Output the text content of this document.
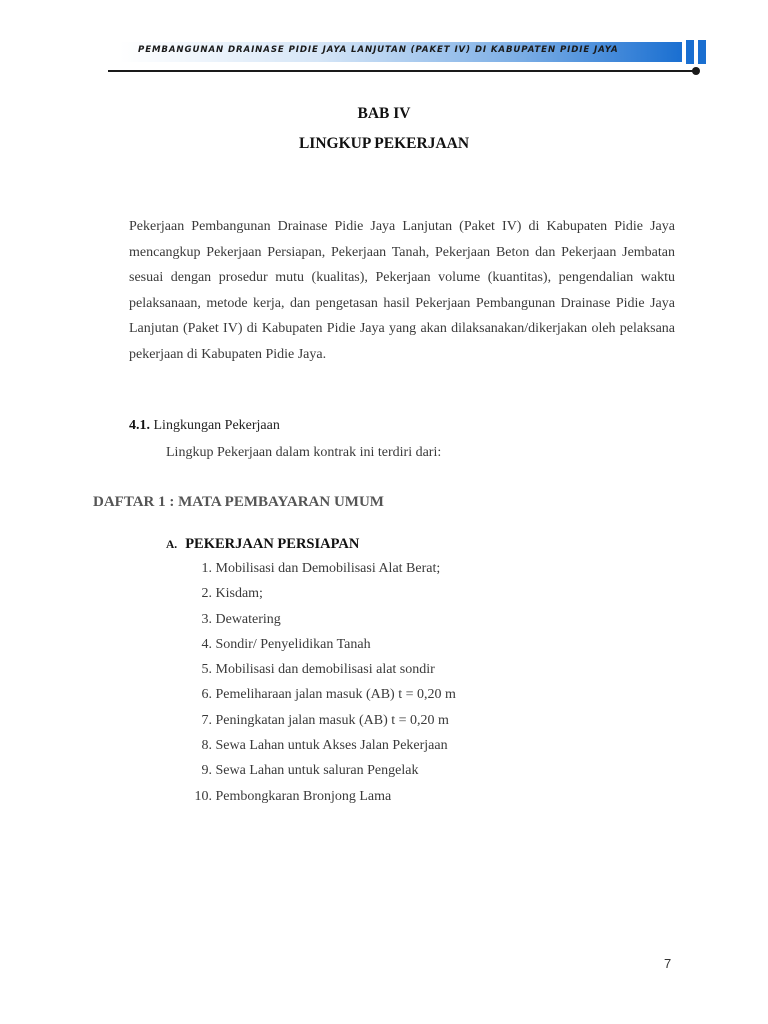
PEMBANGUNAN DRAINASE PIDIE JAYA LANJUTAN (PAKET IV) DI KABUPATEN PIDIE JAYA
BAB IV
LINGKUP PEKERJAAN

Pekerjaan Pembangunan Drainase Pidie Jaya Lanjutan (Paket IV) di Kabupaten Pidie Jaya mencangkup Pekerjaan Persiapan, Pekerjaan Tanah, Pekerjaan Beton dan Pekerjaan Jembatan sesuai dengan prosedur mutu (kualitas), Pekerjaan volume (kuantitas), pengendalian waktu pelaksanaan, metode kerja, dan pengetasan hasil Pekerjaan Pembangunan Drainase Pidie Jaya Lanjutan (Paket IV) di Kabupaten Pidie Jaya yang akan dilaksanakan/dikerjakan oleh pelaksana pekerjaan di Kabupaten Pidie Jaya.

4.1. Lingkungan Pekerjaan
Lingkup Pekerjaan dalam kontrak ini terdiri dari:
DAFTAR 1 : MATA PEMBAYARAN UMUM
A. PEKERJAAN PERSIAPAN
1. Mobilisasi dan Demobilisasi Alat Berat;
2. Kisdam;
3. Dewatering
4. Sondir/ Penyelidikan Tanah
5. Mobilisasi dan demobilisasi alat sondir
6. Pemeliharaan jalan masuk (AB) t = 0,20 m
7. Peningkatan jalan masuk (AB) t = 0,20 m
8. Sewa Lahan untuk Akses Jalan Pekerjaan
9. Sewa Lahan untuk saluran Pengelak
10. Pembongkaran Bronjong Lama
7
